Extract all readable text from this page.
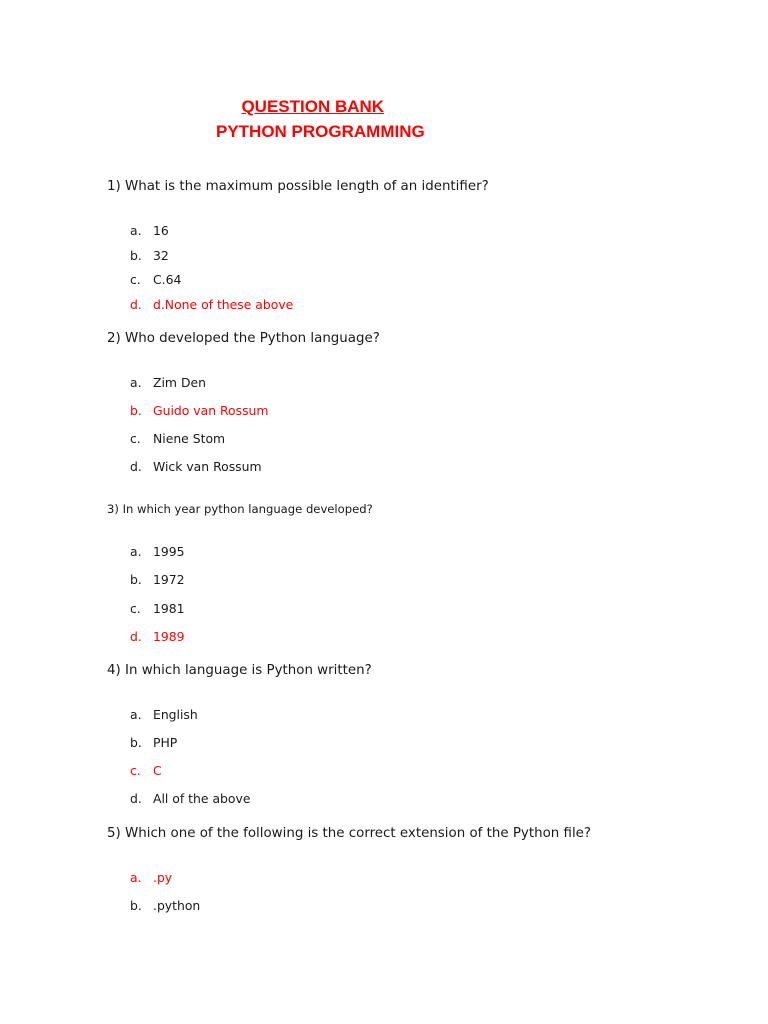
QUESTION BANK
PYTHON PROGRAMMING
1) What is the maximum possible length of an identifier?
a. 16
b. 32
c. C.64
d. d.None of these above
2) Who developed the Python language?
a. Zim Den
b. Guido van Rossum
c. Niene Stom
d. Wick van Rossum
3) In which year python language developed?
a. 1995
b. 1972
c. 1981
d. 1989
4) In which language is Python written?
a. English
b. PHP
c. C
d. All of the above
5) Which one of the following is the correct extension of the Python file?
a. .py
b. .python
